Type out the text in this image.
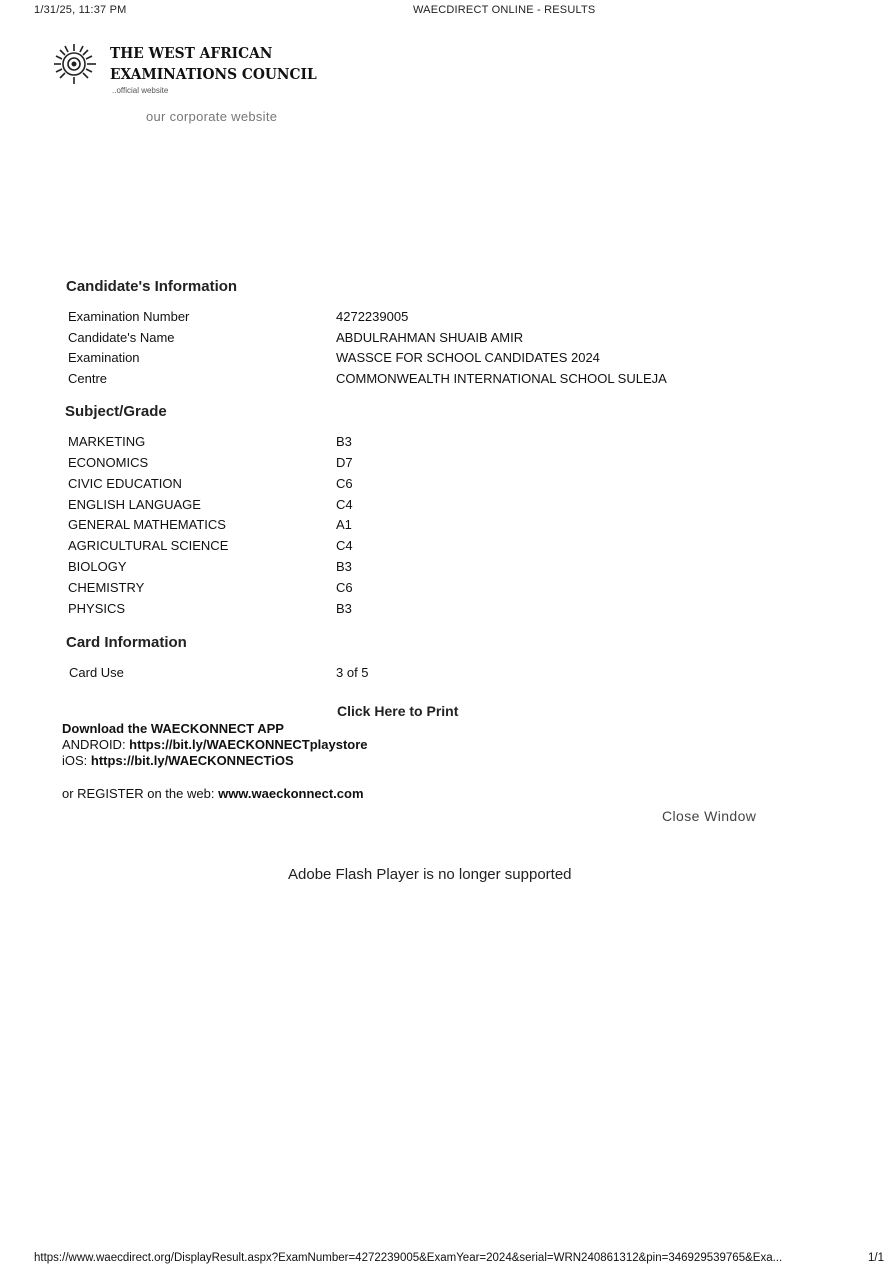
1/31/25, 11:37 PM	WAECDIRECT ONLINE - RESULTS
THE WEST AFRICAN
EXAMINATIONS COUNCIL
..official website
our corporate website
Candidate's Information
Examination Number	4272239005
Candidate's Name	ABDULRAHMAN SHUAIB AMIR
Examination	WASSCE FOR SCHOOL CANDIDATES 2024
Centre	COMMONWEALTH INTERNATIONAL SCHOOL SULEJA
Subject/Grade
MARKETING	B3
ECONOMICS	D7
CIVIC EDUCATION	C6
ENGLISH LANGUAGE	C4
GENERAL MATHEMATICS	A1
AGRICULTURAL SCIENCE	C4
BIOLOGY	B3
CHEMISTRY	C6
PHYSICS	B3
Card Information
Card Use	3 of 5
Click Here to Print
Download the WAECKONNECT APP
ANDROID: https://bit.ly/WAECKONNECTplaystore
iOS: https://bit.ly/WAECKONNECTiOS
or REGISTER on the web: www.waeckonnect.com
Close Window
Adobe Flash Player is no longer supported
https://www.waecdirect.org/DisplayResult.aspx?ExamNumber=4272239005&ExamYear=2024&serial=WRN240861312&pin=346929539765&Exa...	1/1
